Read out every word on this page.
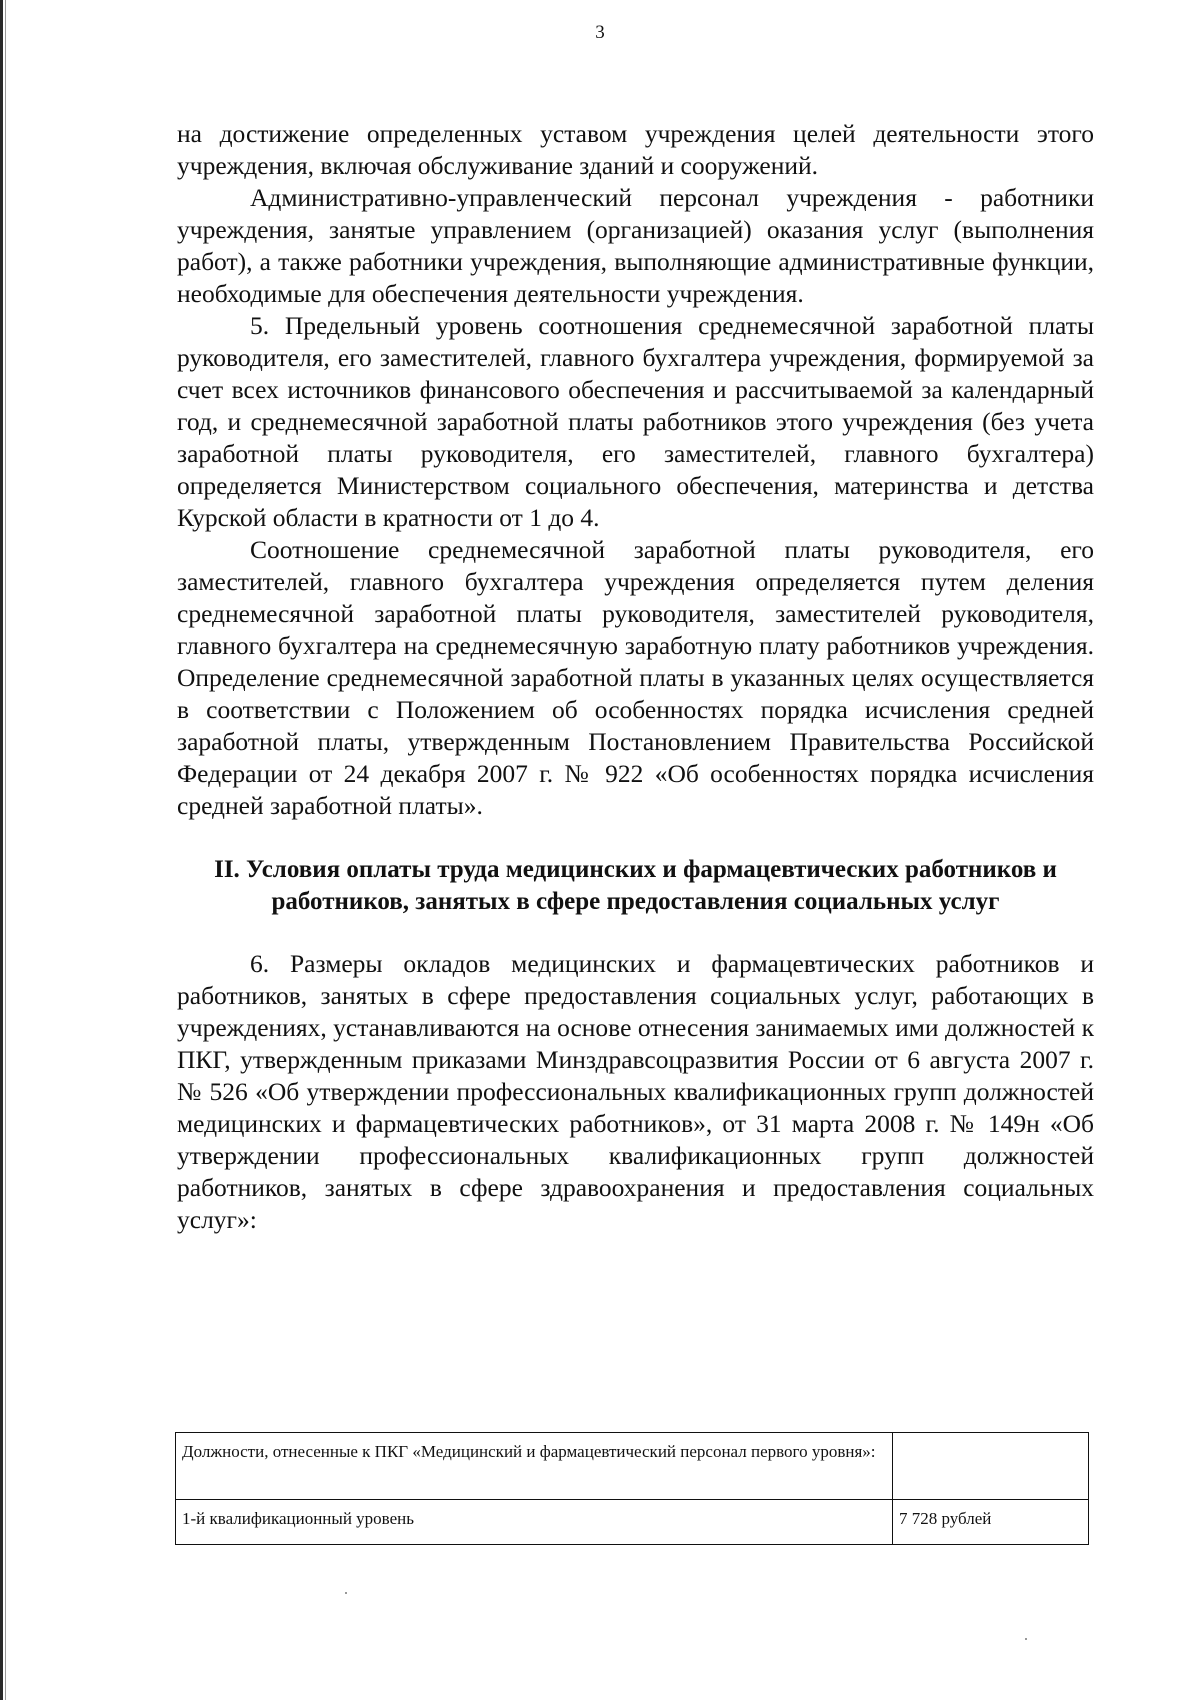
3

на достижение определенных уставом учреждения целей деятельности этого учреждения, включая обслуживание зданий и сооружений.

Административно-управленческий персонал учреждения - работники учреждения, занятые управлением (организацией) оказания услуг (выполнения работ), а также работники учреждения, выполняющие административные функции, необходимые для обеспечения деятельности учреждения.

5. Предельный уровень соотношения среднемесячной заработной платы руководителя, его заместителей, главного бухгалтера учреждения, формируемой за счет всех источников финансового обеспечения и рассчитываемой за календарный год, и среднемесячной заработной платы работников этого учреждения (без учета заработной платы руководителя, его заместителей, главного бухгалтера) определяется Министерством социального обеспечения, материнства и детства Курской области в кратности от 1 до 4.

Соотношение среднемесячной заработной платы руководителя, его заместителей, главного бухгалтера учреждения определяется путем деления среднемесячной заработной платы руководителя, заместителей руководителя, главного бухгалтера на среднемесячную заработную плату работников учреждения. Определение среднемесячной заработной платы в указанных целях осуществляется в соответствии с Положением об особенностях порядка исчисления средней заработной платы, утвержденным Постановлением Правительства Российской Федерации от 24 декабря 2007 г. № 922 «Об особенностях порядка исчисления средней заработной платы».

II. Условия оплаты труда медицинских и фармацевтических работников и работников, занятых в сфере предоставления социальных услуг

6. Размеры окладов медицинских и фармацевтических работников и работников, занятых в сфере предоставления социальных услуг, работающих в учреждениях, устанавливаются на основе отнесения занимаемых ими должностей к ПКГ, утвержденным приказами Минздравсоцразвития России от 6 августа 2007 г. № 526 «Об утверждении профессиональных квалификационных групп должностей медицинских и фармацевтических работников», от 31 марта 2008 г. № 149н «Об утверждении профессиональных квалификационных групп должностей работников, занятых в сфере здравоохранения и предоставления социальных услуг»:

Должности, отнесенные к ПКГ «Медицинский и фармацевтический персонал первого уровня»:	
1-й квалификационный уровень	7 728 рублей
